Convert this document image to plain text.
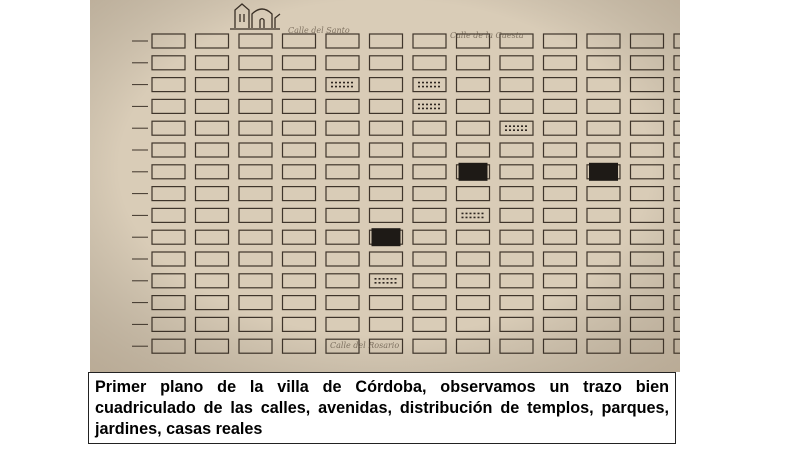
Primer plano de la villa de Córdoba, observamos un trazo bien cuadriculado de las calles, avenidas, distribución de templos, parques, jardines, casas reales
